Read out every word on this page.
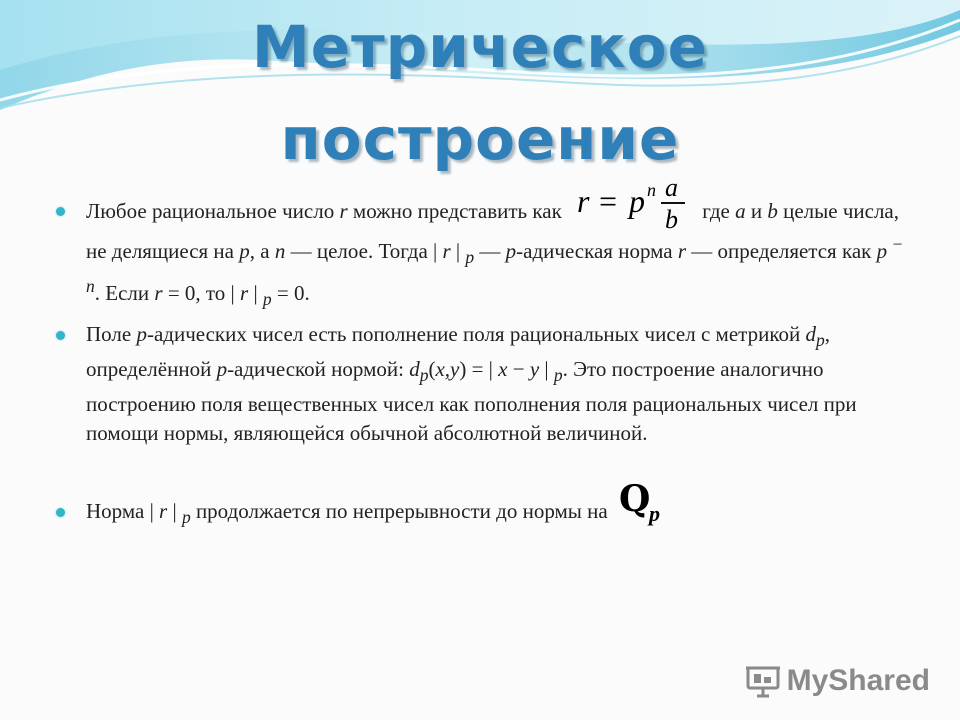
Метрическое
построение
Любое рациональное число r можно представить как r = p n a
b где a и b целые числа, не делящиеся на p, а n — целое. Тогда | r | $_p$ — p-адическая норма r — определяется как p $^{- n}$. Если r = 0, то | r | $_p$ = 0.
Поле p-адических чисел есть пополнение поля рациональных чисел с метрикой $d_p$, определённой p-адической нормой: $d_p(x,y)$ = | x − y | $_p$. Это построение аналогично построению поля вещественных чисел как пополнения поля рациональных чисел при помощи нормы, являющейся обычной абсолютной величиной.
Норма | r | $_p$ продолжается по непрерывности до нормы на Q
p
MyShared
